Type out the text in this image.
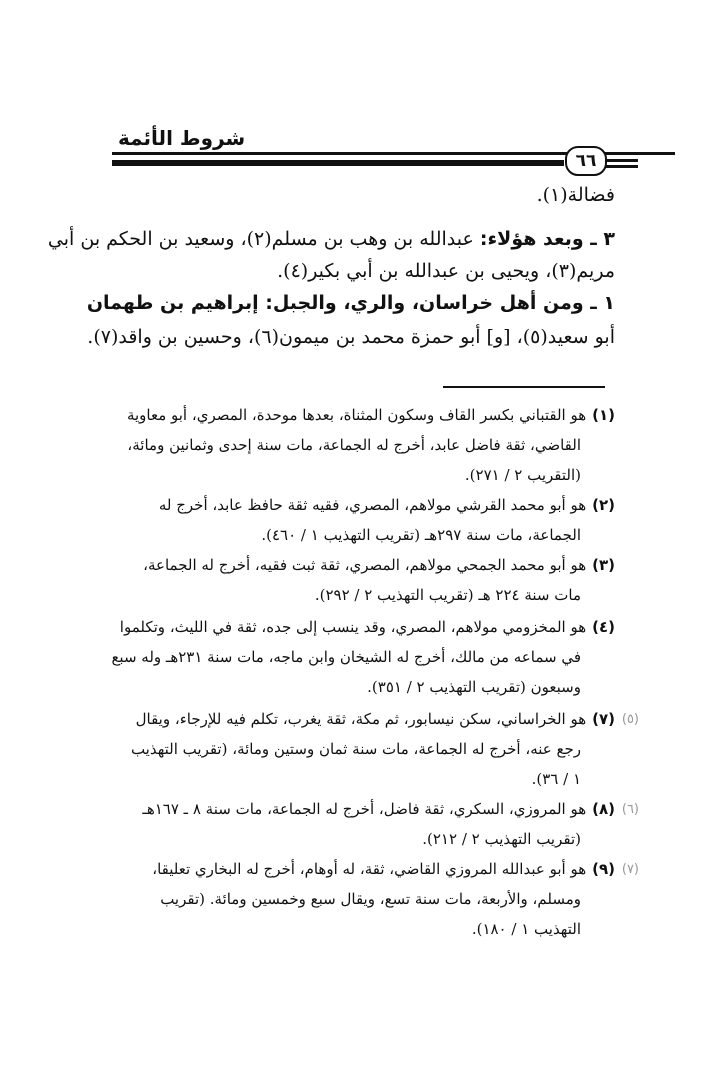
شروط الأئمة
٦٦
فضالة(١).
٣ ـ وبعد هؤلاء: عبدالله بن وهب بن مسلم(٢)، وسعيد بن الحكم بن أبي
مريم(٣)، ويحيى بن عبدالله بن أبي بكير(٤).
١ ـ ومن أهل خراسان، والري، والجبل: إبراهيم بن طهمان
أبو سعيد(٥)، [و] أبو حمزة محمد بن ميمون(٦)، وحسين بن واقد(٧).
(١)هو القتباني بكسر القاف وسكون المثناة، بعدها موحدة، المصري، أبو معاوية
القاضي، ثقة فاضل عابد، أخرج له الجماعة، مات سنة إحدى وثمانين ومائة،
(التقريب ٢ / ٢٧١).
(٢)هو أبو محمد القرشي مولاهم، المصري، فقيه ثقة حافظ عابد، أخرج له
الجماعة، مات سنة ٢٩٧هـ (تقريب التهذيب ١ / ٤٦٠).
(٣)هو أبو محمد الجمحي مولاهم، المصري، ثقة ثبت فقيه، أخرج له الجماعة،
مات سنة ٢٢٤ هـ (تقريب التهذيب ٢ / ٢٩٢).
(٤)هو المخزومي مولاهم، المصري، وقد ينسب إلى جده، ثقة في الليث، وتكلموا
في سماعه من مالك، أخرج له الشيخان وابن ماجه، مات سنة ٢٣١هـ وله سبع
وسبعون (تقريب التهذيب ٢ / ٣٥١).
(٥)
(٧)هو الخراساني، سكن نيسابور، ثم مكة، ثقة يغرب، تكلم فيه للإرجاء، ويقال
رجع عنه، أخرج له الجماعة، مات سنة ثمان وستين ومائة، (تقريب التهذيب
١ / ٣٦).
(٦)
(٨)هو المروزي، السكري، ثقة فاضل، أخرج له الجماعة، مات سنة ٨ ـ ١٦٧هـ
(تقريب التهذيب ٢ / ٢١٢).
(٧)
(٩)هو أبو عبدالله المروزي القاضي، ثقة، له أوهام، أخرج له البخاري تعليقا،
ومسلم، والأربعة، مات سنة تسع، ويقال سبع وخمسين ومائة. (تقريب
التهذيب ١ / ١٨٠).
